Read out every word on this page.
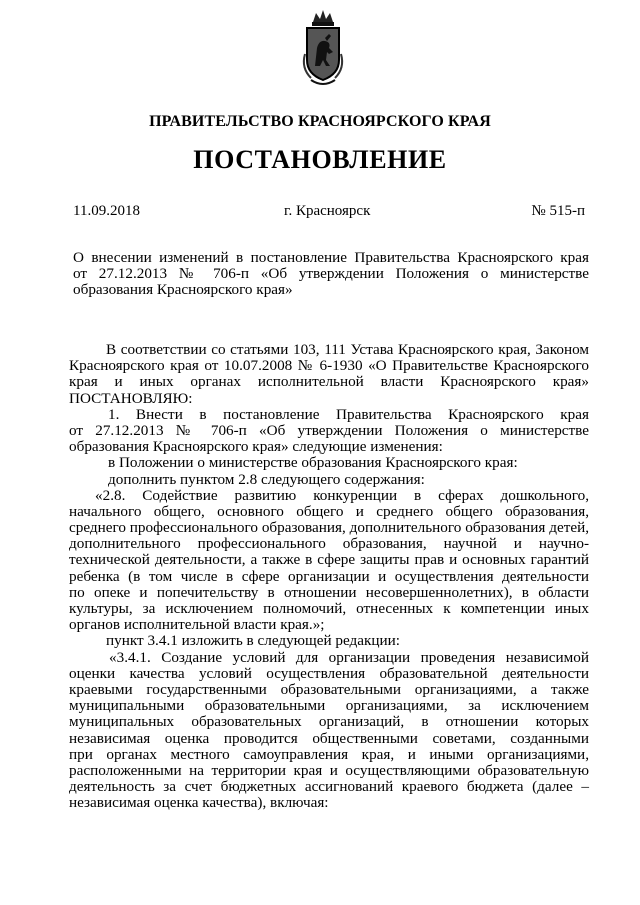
ПРАВИТЕЛЬСТВО КРАСНОЯРСКОГО КРАЯ
ПОСТАНОВЛЕНИЕ
11.09.2018	г. Красноярск	№ 515-п
О внесении изменений в постановление Правительства Красноярского края
от 27.12.2013 № 706-п «Об утверждении Положения о министерстве
образования Красноярского края»
В соответствии со статьями 103, 111 Устава Красноярского края, Законом
Красноярского края от 10.07.2008 № 6-1930 «О Правительстве Красноярского
края и иных органах исполнительной власти Красноярского края»
ПОСТАНОВЛЯЮ:
1. Внести в постановление Правительства Красноярского края
от 27.12.2013 № 706-п «Об утверждении Положения о министерстве
образования Красноярского края» следующие изменения:
в Положении о министерстве образования Красноярского края:
дополнить пунктом 2.8 следующего содержания:
«2.8. Содействие развитию конкуренции в сферах дошкольного,
начального общего, основного общего и среднего общего образования,
среднего профессионального образования, дополнительного образования детей,
дополнительного профессионального образования, научной и научно-
технической деятельности, а также в сфере защиты прав и основных гарантий
ребенка (в том числе в сфере организации и осуществления деятельности
по опеке и попечительству в отношении несовершеннолетних), в области
культуры, за исключением полномочий, отнесенных к компетенции иных
органов исполнительной власти края.»;
пункт 3.4.1 изложить в следующей редакции:
«3.4.1. Создание условий для организации проведения независимой
оценки качества условий осуществления образовательной деятельности
краевыми государственными образовательными организациями, а также
муниципальными образовательными организациями, за исключением
муниципальных образовательных организаций, в отношении которых
независимая оценка проводится общественными советами, созданными
при органах местного самоуправления края, и иными организациями,
расположенными на территории края и осуществляющими образовательную
деятельность за счет бюджетных ассигнований краевого бюджета (далее –
независимая оценка качества), включая:
